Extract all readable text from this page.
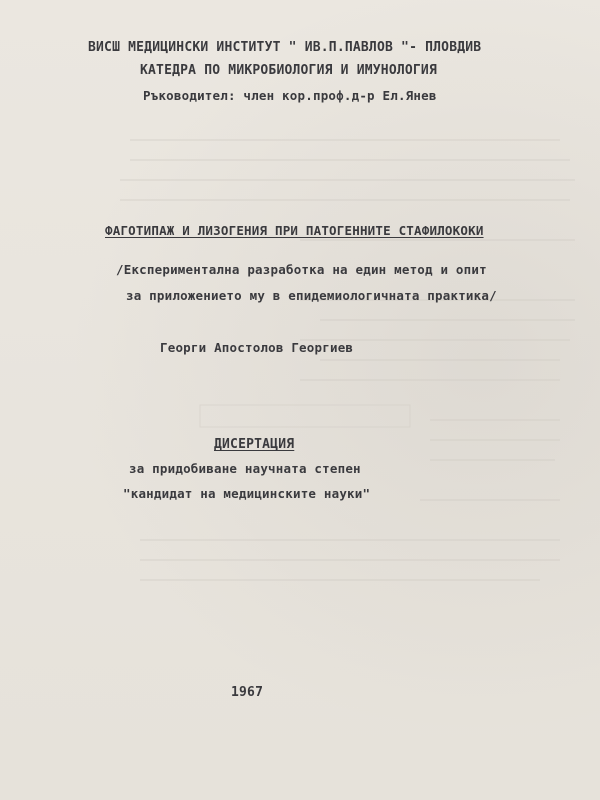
ВИСШ МЕДИЦИНСКИ ИНСТИТУТ " ИВ.П.ПАВЛОВ "- ПЛОВДИВ
КАТЕДРА ПО МИКРОБИОЛОГИЯ И ИМУНОЛОГИЯ
Ръководител: член кор.проф.д-р Ел.Янев
ФАГОТИПАЖ И ЛИЗОГЕНИЯ ПРИ ПАТОГЕННИТЕ СТАФИЛОКОКИ
/Експериментална разработка на един метод и опит
за приложението му в епидемиологичната практика/
Георги Апостолов Георгиев
ДИСЕРТАЦИЯ
за придобиване научната степен
"кандидат на медицинските науки"
1967
